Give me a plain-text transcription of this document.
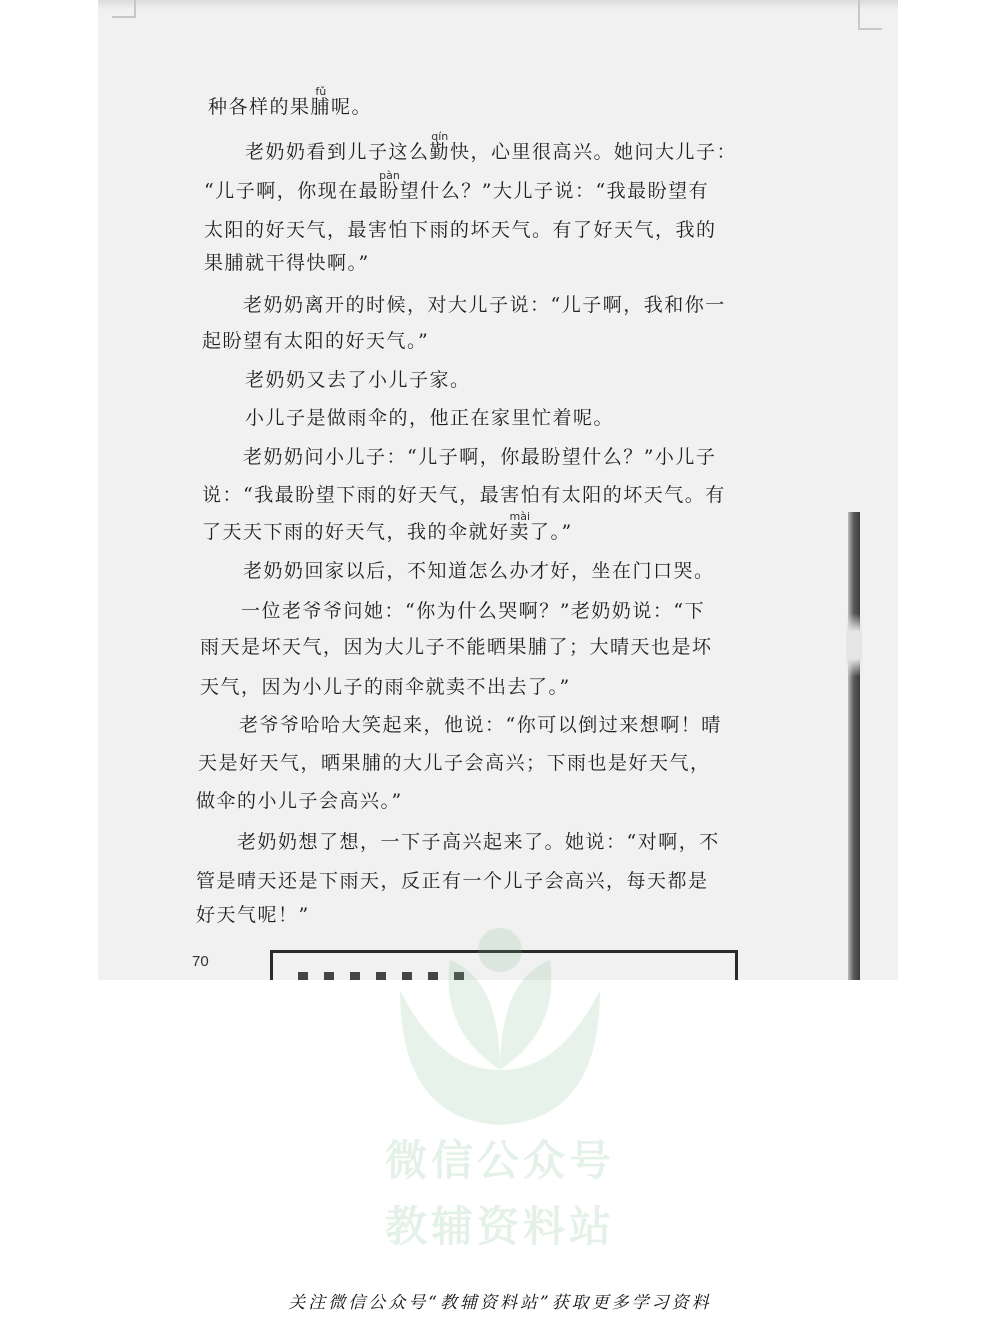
种各样的果脯
fǔ
呢。
　　老奶奶看到儿子这么勤
qín
快，心里很高兴。她问大儿子：
“儿子啊，你现在最盼
pàn
望什么？”大儿子说：“我最盼望有
太阳的好天气，最害怕下雨的坏天气。有了好天气，我的
果脯就干得快啊。”
　　老奶奶离开的时候，对大儿子说：“儿子啊，我和你一
起盼望有太阳的好天气。”
　　老奶奶又去了小儿子家。
　　小儿子是做雨伞的，他正在家里忙着呢。
　　老奶奶问小儿子：“儿子啊，你最盼望什么？”小儿子
说：“我最盼望下雨的好天气，最害怕有太阳的坏天气。有
了天天下雨的好天气，我的伞就好卖
mài
了。”
　　老奶奶回家以后，不知道怎么办才好，坐在门口哭。
　　一位老爷爷问她：“你为什么哭啊？”老奶奶说：“下
雨天是坏天气，因为大儿子不能晒果脯了；大晴天也是坏
天气，因为小儿子的雨伞就卖不出去了。”
　　老爷爷哈哈大笑起来，他说：“你可以倒过来想啊！晴
天是好天气，晒果脯的大儿子会高兴；下雨也是好天气，
做伞的小儿子会高兴。”
　　老奶奶想了想，一下子高兴起来了。她说：“对啊，不
管是晴天还是下雨天，反正有一个儿子会高兴，每天都是
好天气呢！”
70
微信公众号
教辅资料站
关注微信公众号“教辅资料站”获取更多学习资料
